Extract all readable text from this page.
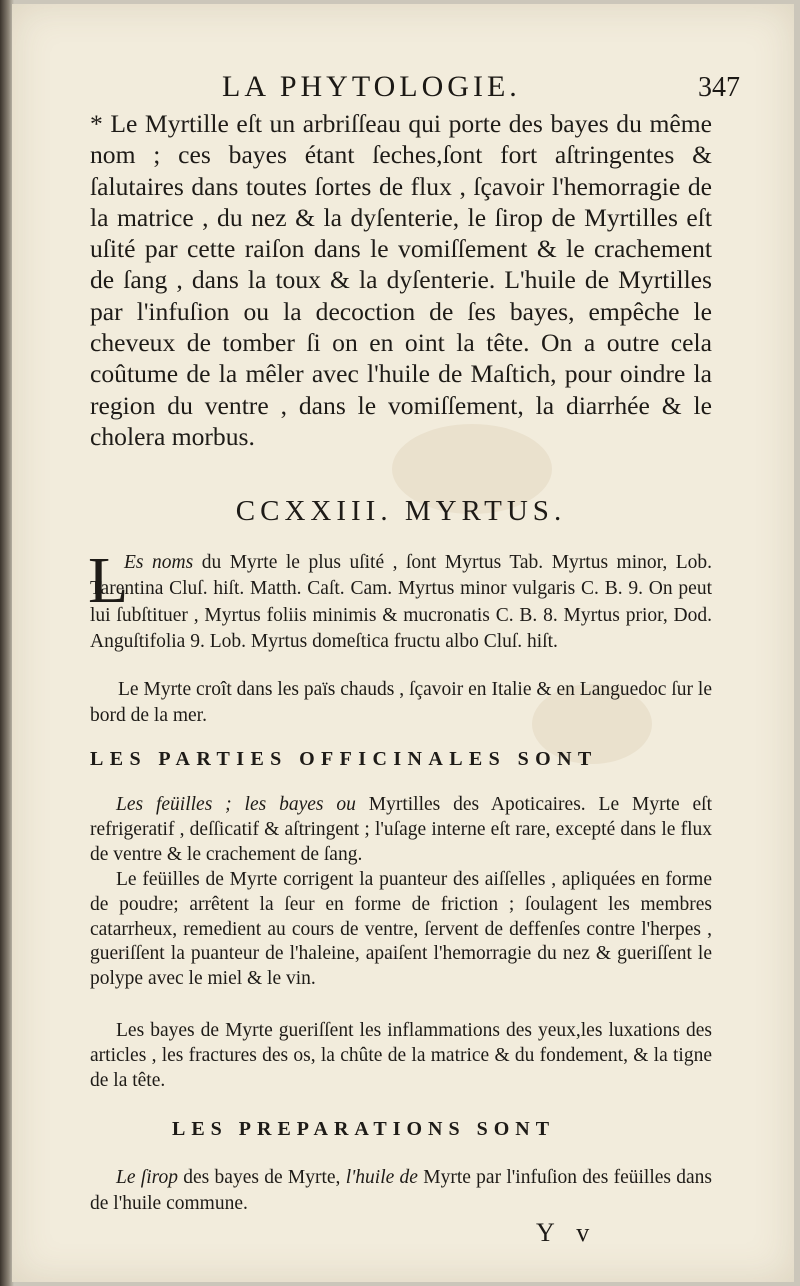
LA PHYTOLOGIE.	347
* Le Myrtille eſt un arbriſſeau qui porte des bayes du même nom ; ces bayes étant ſeches,ſont fort aſtringentes & ſalutaires dans toutes ſortes de flux , ſçavoir l'hemorragie de la matrice , du nez & la dyſenterie, le ſirop de Myrtilles eſt uſité par cette raiſon dans le vomiſſement & le crachement de ſang , dans la toux & la dyſenterie. L'huile de Myrtilles par l'infuſion ou la decoction de ſes bayes, empêche le cheveux de tomber ſi on en oint la tête. On a outre cela coûtume de la mêler avec l'huile de Maſtich, pour oindre la region du ventre , dans le vomiſſement, la diarrhée & le cholera morbus.
CCXXIII. MYRTUS.
L
Es noms du Myrte le plus uſité , ſont Myrtus Tab. Myrtus minor, Lob. Tarentina Cluſ. hiſt. Matth. Caſt. Cam. Myrtus minor vulgaris C. B. 9. On peut lui ſubſtituer , Myrtus foliis minimis & mucronatis C. B. 8. Myrtus prior, Dod. Anguſtifolia 9. Lob. Myrtus domeſtica fructu albo Cluſ. hiſt.
Le Myrte croît dans les païs chauds , ſçavoir en Italie & en Languedoc ſur le bord de la mer.
LES PARTIES OFFICINALES SONT
Les feüilles ; les bayes ou Myrtilles des Apoticaires. Le Myrte eſt refrigeratif , deſſicatif & aſtringent ; l'uſage interne eſt rare, excepté dans le flux de ventre & le crachement de ſang.
Le feüilles de Myrte corrigent la puanteur des aiſſelles , apliquées en forme de poudre; arrêtent la ſeur en forme de friction ; ſoulagent les membres catarrheux, remedient au cours de ventre, ſervent de deffenſes contre l'herpes , gueriſſent la puanteur de l'haleine, apaiſent l'hemorragie du nez & gueriſſent le polype avec le miel & le vin.
Les bayes de Myrte gueriſſent les inflammations des yeux,les luxations des articles , les fractures des os, la chûte de la matrice & du fondement, & la tigne de la tête.
LES PREPARATIONS SONT
Le ſirop des bayes de Myrte, l'huile de Myrte par l'infuſion des feüilles dans de l'huile commune.
Y v
